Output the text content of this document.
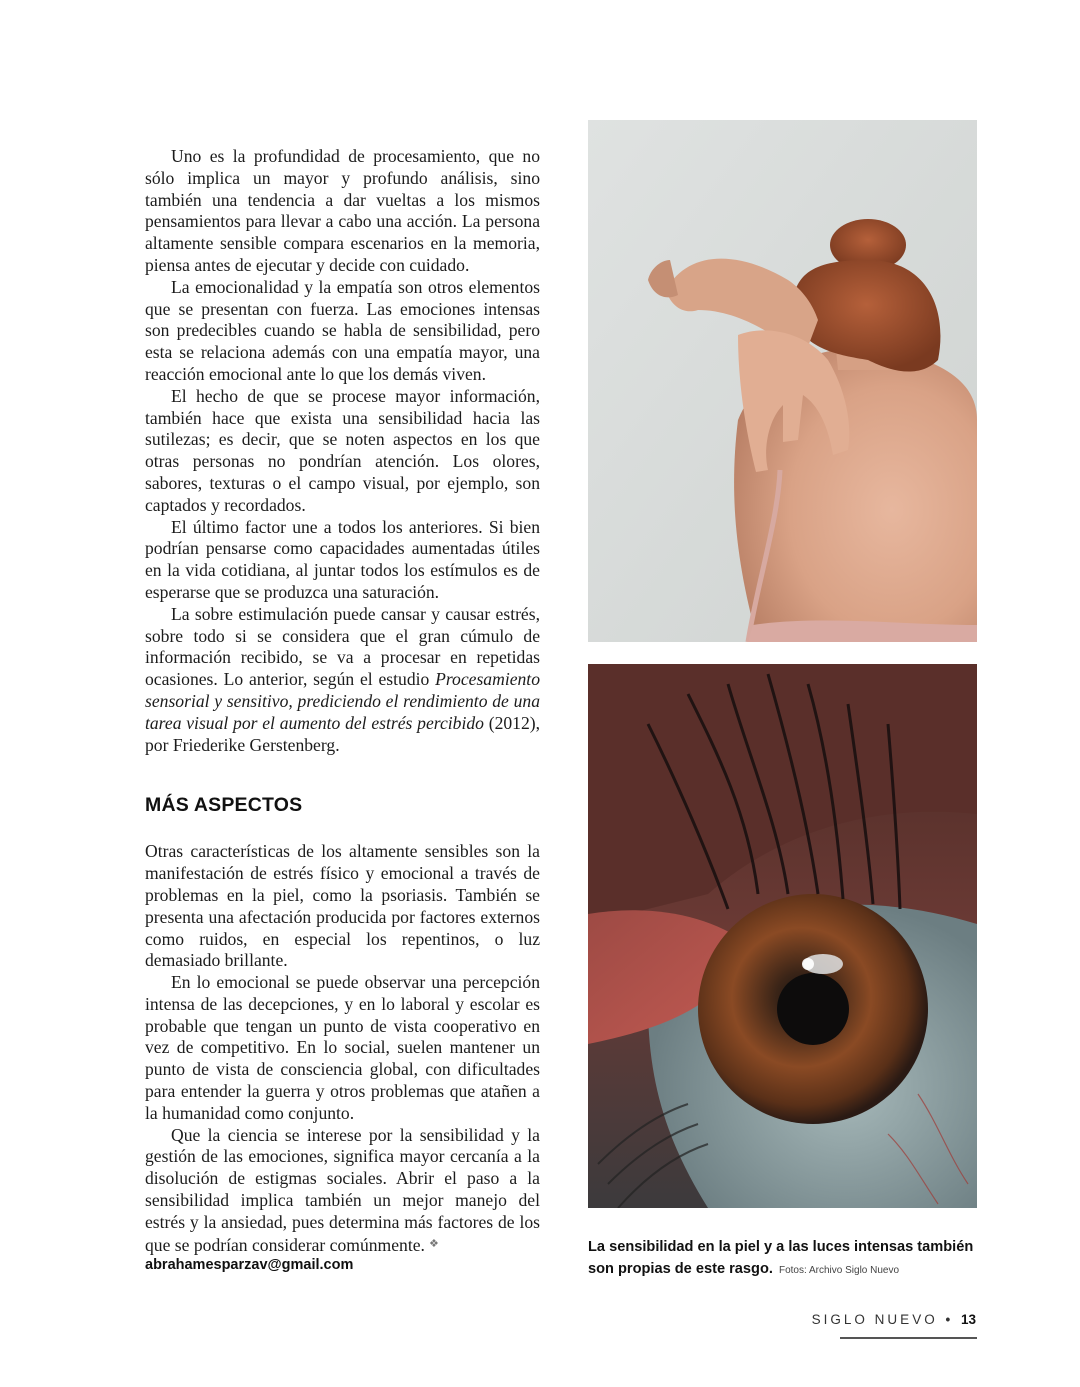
Uno es la profundidad de procesamiento, que no sólo implica un mayor y profundo análisis, sino también una tendencia a dar vueltas a los mismos pensamientos para llevar a cabo una acción. La persona altamente sensible compara escenarios en la memoria, piensa antes de ejecutar y decide con cuidado.

La emocionalidad y la empatía son otros elementos que se presentan con fuerza. Las emociones intensas son predecibles cuando se habla de sensibilidad, pero esta se relaciona además con una empatía mayor, una reacción emocional ante lo que los demás viven.

El hecho de que se procese mayor información, también hace que exista una sensibilidad hacia las sutilezas; es decir, que se noten aspectos en los que otras personas no pondrían atención. Los olores, sabores, texturas o el campo visual, por ejemplo, son captados y recordados.

El último factor une a todos los anteriores. Si bien podrían pensarse como capacidades aumentadas útiles en la vida cotidiana, al juntar todos los estímulos es de esperarse que se produzca una saturación.

La sobre estimulación puede cansar y causar estrés, sobre todo si se considera que el gran cúmulo de información recibido, se va a procesar en repetidas ocasiones. Lo anterior, según el estudio Procesamiento sensorial y sensitivo, prediciendo el rendimiento de una tarea visual por el aumento del estrés percibido (2012), por Friederike Gerstenberg.

MÁS ASPECTOS

Otras características de los altamente sensibles son la manifestación de estrés físico y emocional a través de problemas en la piel, como la psoriasis. También se presenta una afectación producida por factores externos como ruidos, en especial los repentinos, o luz demasiado brillante.

En lo emocional se puede observar una percepción intensa de las decepciones, y en lo laboral y escolar es probable que tengan un punto de vista cooperativo en vez de competitivo. En lo social, suelen mantener un punto de vista de consciencia global, con dificultades para entender la guerra y otros problemas que atañen a la humanidad como conjunto.

Que la ciencia se interese por la sensibilidad y la gestión de las emociones, significa mayor cercanía a la disolución de estigmas sociales. Abrir el paso a la sensibilidad implica también un mejor manejo del estrés y la ansiedad, pues determina más factores de los que se podrían considerar comúnmente. ❖

abrahamesparzav@gmail.com
La sensibilidad en la piel y a las luces intensas también son propias de este rasgo. Fotos: Archivo Siglo Nuevo
SIGLO NUEVO • 13
